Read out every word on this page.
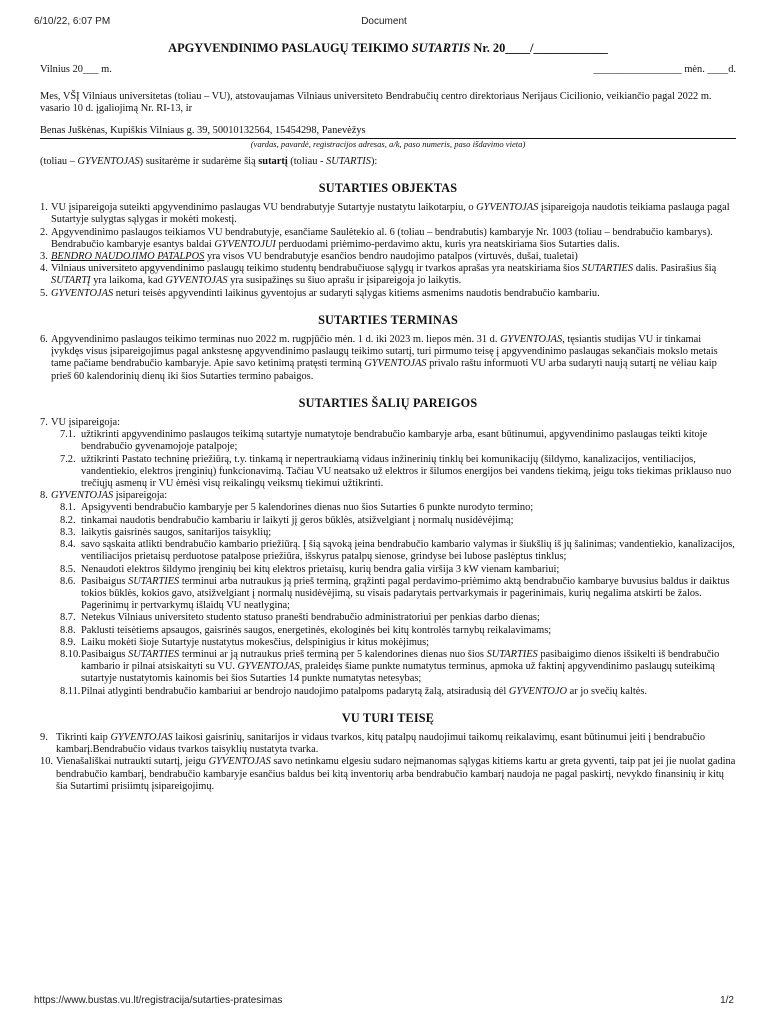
6/10/22, 6:07 PM	Document

APGYVENDINIMO PASLAUGŲ TEIKIMO SUTARTIS Nr. 20____/____________

Vilnius 20___ m.	_________________ mėn. ____d.

Mes, VŠĮ Vilniaus universitetas (toliau – VU), atstovaujamas Vilniaus universiteto Bendrabučių centro direktoriaus Nerijaus Cicilionio, veikiančio pagal 2022 m. vasario 10 d. įgaliojimą Nr. RI-13, ir

Benas Juškėnas, Kupiškis Vilniaus g. 39, 50010132564, 15454298, Panevėžys

(vardas, pavardė, registracijos adresas, a/k, paso numeris, paso išdavimo vieta)

(toliau – GYVENTOJAS) susitarėme ir sudarėme šią sutartį (toliau - SUTARTIS):

SUTARTIES OBJEKTAS

1. VU įsipareigoja suteikti apgyvendinimo paslaugas VU bendrabutyje Sutartyje nustatytu laikotarpiu, o GYVENTOJAS įsipareigoja naudotis teikiama paslauga pagal Sutartyje sulygtas sąlygas ir mokėti mokestį.

2. Apgyvendinimo paslaugos teikiamos VU bendrabutyje, esančiame Saulėtekio al. 6 (toliau – bendrabutis) kambaryje Nr. 1003 (toliau – bendrabučio kambarys). Bendrabučio kambaryje esantys baldai GYVENTOJUI perduodami priėmimo-perdavimo aktu, kuris yra neatskiriama šios Sutarties dalis.

3. BENDRO NAUDOJIMO PATALPOS yra visos VU bendrabutyje esančios bendro naudojimo patalpos (virtuvės, dušai, tualetai)

4. Vilniaus universiteto apgyvendinimo paslaugų teikimo studentų bendrabučiuose sąlygų ir tvarkos aprašas yra neatskiriama šios SUTARTIES dalis. Pasirašius šią SUTARTĮ yra laikoma, kad GYVENTOJAS yra susipažinęs su šiuo aprašu ir įsipareigoja jo laikytis.

5. GYVENTOJAS neturi teisės apgyvendinti laikinus gyventojus ar sudaryti sąlygas kitiems asmenims naudotis bendrabučio kambariu.

SUTARTIES TERMINAS

6. Apgyvendinimo paslaugos teikimo terminas nuo 2022 m. rugpjūčio mėn. 1 d. iki 2023 m. liepos mėn. 31 d. GYVENTOJAS, tęsiantis studijas VU ir tinkamai įvykdęs visus įsipareigojimus pagal ankstesnę apgyvendinimo paslaugų teikimo sutartį, turi pirmumo teisę į apgyvendinimo paslaugas sekančiais mokslo metais tame pačiame bendrabučio kambaryje. Apie savo ketinimą pratęsti terminą GYVENTOJAS privalo raštu informuoti VU arba sudaryti naują sutartį ne vėliau kaip prieš 60 kalendorinių dienų iki šios Sutarties termino pabaigos.

SUTARTIES ŠALIŲ PAREIGOS

7. VU įsipareigoja:

7.1. užtikrinti apgyvendinimo paslaugos teikimą sutartyje numatytoje bendrabučio kambaryje arba, esant būtinumui, apgyvendinimo paslaugas teikti kitoje bendrabučio gyvenamojoje patalpoje;

7.2. užtikrinti Pastato techninę priežiūrą, t.y. tinkamą ir nepertraukiamą vidaus inžinerinių tinklų bei komunikacijų (šildymo, kanalizacijos, ventiliacijos, vandentiekio, elektros įrenginių) funkcionavimą. Tačiau VU neatsako už elektros ir šilumos energijos bei vandens tiekimą, jeigu toks tiekimas priklauso nuo trečiųjų asmenų ir VU ėmėsi visų reikalingų veiksmų tiekimui užtikrinti.

8. GYVENTOJAS įsipareigoja:

8.1. Apsigyventi bendrabučio kambaryje per 5 kalendorines dienas nuo šios Sutarties 6 punkte nurodyto termino;

8.2. tinkamai naudotis bendrabučio kambariu ir laikyti jį geros būklės, atsižvelgiant į normalų nusidėvėjimą;

8.3. laikytis gaisrinės saugos, sanitarijos taisyklių;

8.4. savo sąskaita atlikti bendrabučio kambario priežiūrą. Į šią sąvoką įeina bendrabučio kambario valymas ir šiukšlių iš jų šalinimas; vandentiekio, kanalizacijos, ventiliacijos prietaisų perduotose patalpose priežiūra, išskyrus patalpų sienose, grindyse bei lubose paslėptus tinklus;

8.5. Nenaudoti elektros šildymo įrenginių bei kitų elektros prietaisų, kurių bendra galia viršija 3 kW vienam kambariui;

8.6. Pasibaigus SUTARTIES terminui arba nutraukus ją prieš terminą, grąžinti pagal perdavimo-priėmimo aktą bendrabučio kambarye buvusius baldus ir daiktus tokios būklės, kokios gavo, atsižvelgiant į normalų nusidėvėjimą, su visais padarytais pertvarkymais ir pagerinimais, kurių negalima atskirti be žalos. Pagerinimų ir pertvarkymų išlaidų VU neatlygina;

8.7. Netekus Vilniaus universiteto studento statuso pranešti bendrabučio administratoriui per penkias darbo dienas;

8.8. Paklusti teisėtiems apsaugos, gaisrinės saugos, energetinės, ekologinės bei kitų kontrolės tarnybų reikalavimams;

8.9. Laiku mokėti šioje Sutartyje nustatytus mokesčius, delspinigius ir kitus mokėjimus;

8.10. Pasibaigus SUTARTIES terminui ar ją nutraukus prieš terminą per 5 kalendorines dienas nuo šios SUTARTIES pasibaigimo dienos išsikelti iš bendrabučio kambario ir pilnai atsiskaityti su VU. GYVENTOJAS, praleidęs šiame punkte numatytus terminus, apmoka už faktinį apgyvendinimo paslaugų suteikimą sutartyje nustatytomis kainomis bei šios Sutarties 14 punkte numatytas netesybas;

8.11. Pilnai atlyginti bendrabučio kambariui ar bendrojo naudojimo patalpoms padarytą žalą, atsiradusią dėl GYVENTOJO ar jo svečių kaltės.

VU TURI TEISĘ

9. Tikrinti kaip GYVENTOJAS laikosi gaisrinių, sanitarijos ir vidaus tvarkos, kitų patalpų naudojimui taikomų reikalavimų, esant būtinumui įeiti į bendrabučio kambarį.Bendrabučio vidaus tvarkos taisyklių nustatyta tvarka.

10. Vienašališkai nutraukti sutartį, jeigu GYVENTOJAS savo netinkamu elgesiu sudaro neįmanomas sąlygas kitiems kartu ar greta gyventi, taip pat jei jie nuolat gadina bendrabučio kambarį, bendrabučio kambaryje esančius baldus bei kitą inventorių arba bendrabučio kambarį naudoja ne pagal paskirtį, nevykdo finansinių ir kitų šia Sutartimi prisiimtų įsipareigojimų.

https://www.bustas.vu.lt/registracija/sutarties-pratesimas	1/2
